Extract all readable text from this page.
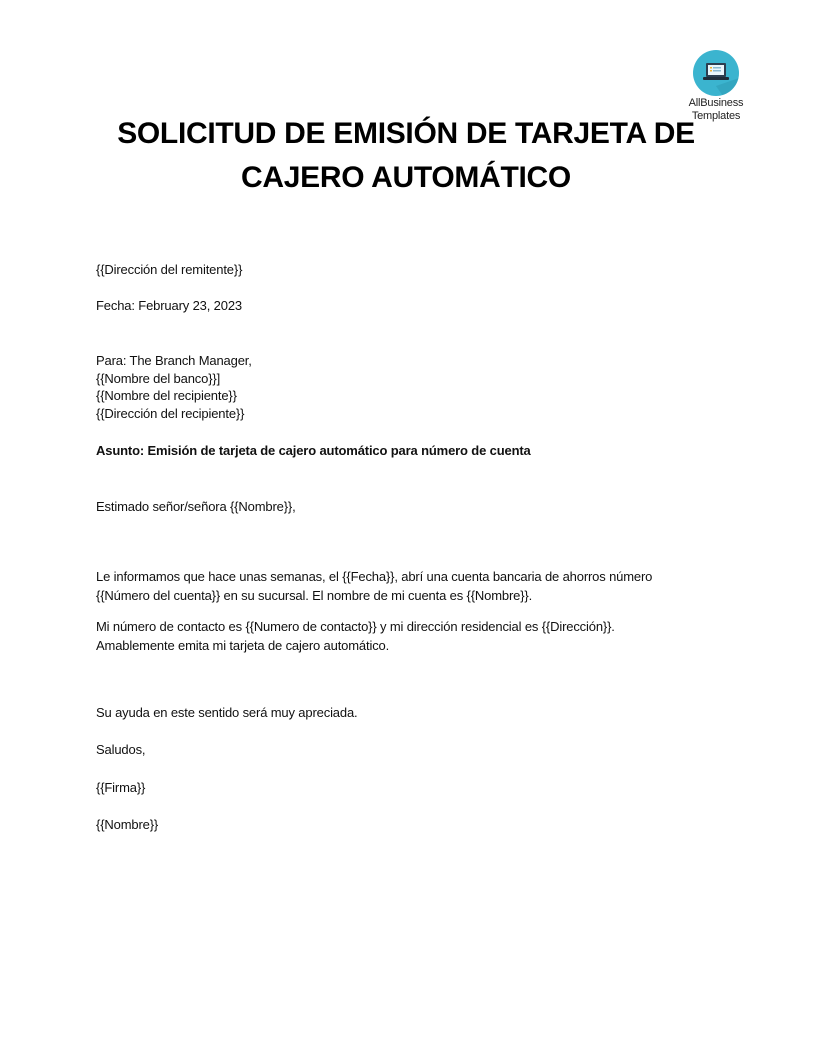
AllBusiness
Templates
SOLICITUD DE EMISIÓN DE TARJETA DE
CAJERO AUTOMÁTICO
{{Dirección del remitente}}
Fecha: February 23, 2023
Para: The Branch Manager,
{{Nombre del banco}}]
{{Nombre del recipiente}}
{{Dirección del recipiente}}
Asunto: Emisión de tarjeta de cajero automático para número de cuenta
Estimado señor/señora {{Nombre}},
Le informamos que hace unas semanas, el {{Fecha}}, abrí una cuenta bancaria de ahorros número
{{Número del cuenta}} en su sucursal. El nombre de mi cuenta es {{Nombre}}.
Mi número de contacto es {{Numero de contacto}} y mi dirección residencial es {{Dirección}}.
Amablemente emita mi tarjeta de cajero automático.
Su ayuda en este sentido será muy apreciada.
Saludos,
{{Firma}}
{{Nombre}}
